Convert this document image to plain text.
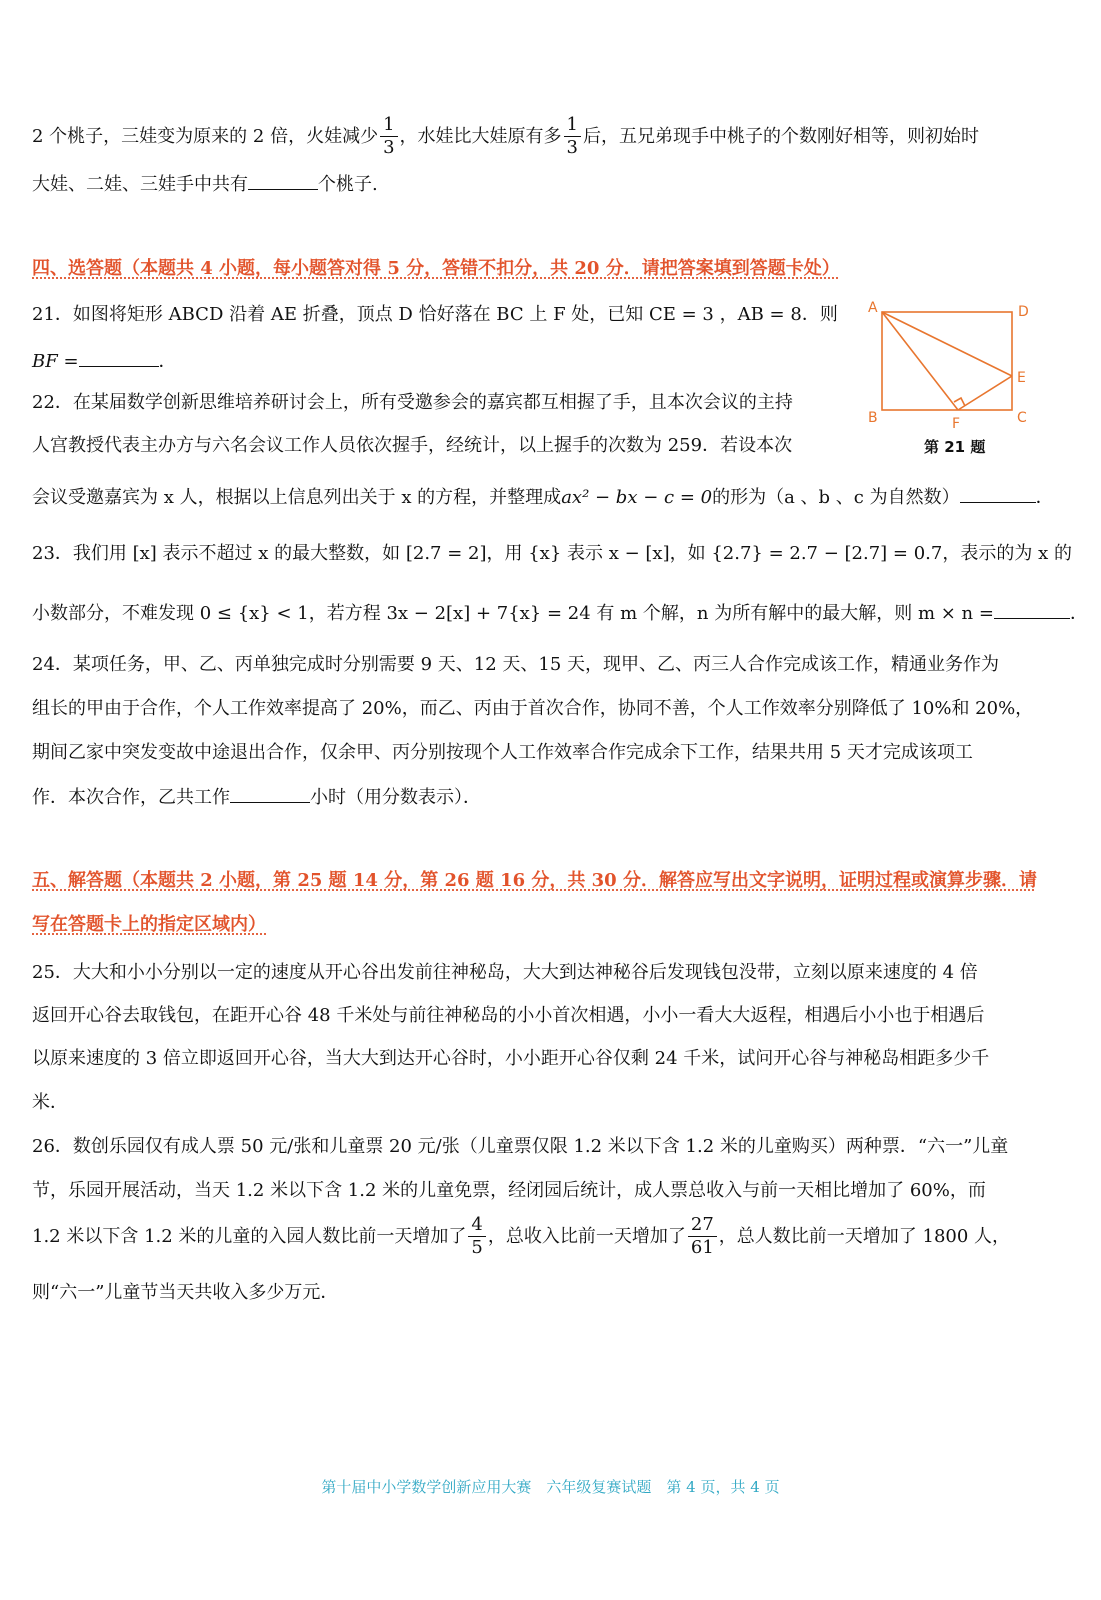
2 个桃子，三娃变为原来的 2 倍，火娃减少 $\frac{1}{3}$ ，水娃比大娃原有多 $\frac{1}{3}$ 后，五兄弟现手中桃子的个数刚好相等，则初始时
大娃、二娃、三娃手中共有	个桃子.
四、选答题（本题共 4 小题，每小题答对得 5 分，答错不扣分，共 20 分．请把答案填到答题卡处）
21．如图将矩形 ABCD 沿着 AE 折叠，顶点 D 恰好落在 BC 上 F 处，已知 CE = 3 ，AB = 8．则
BF =	．
A	D
E
B	F	C
第 21 题
22．在某届数学创新思维培养研讨会上，所有受邀参会的嘉宾都互相握了手，且本次会议的主持
人宫教授代表主办方与六名会议工作人员依次握手，经统计，以上握手的次数为 259．若设本次
会议受邀嘉宾为 x 人，根据以上信息列出关于 x 的方程，并整理成ax² − bx − c = 0的形为（a 、b 、c 为自然数）	．
23．我们用 [x] 表示不超过 x 的最大整数，如 [2.7 = 2]，用 {x} 表示 x − [x]，如 {2.7} = 2.7 − [2.7] = 0.7，表示的为 x 的
小数部分，不难发现 0 ≤ {x} < 1，若方程 3x − 2[x] + 7{x} = 24 有 m 个解，n 为所有解中的最大解，则 m × n =	．
24．某项任务，甲、乙、丙单独完成时分别需要 9 天、12 天、15 天，现甲、乙、丙三人合作完成该工作，精通业务作为
组长的甲由于合作，个人工作效率提高了 20%，而乙、丙由于首次合作，协同不善，个人工作效率分别降低了 10%和 20%，
期间乙家中突发变故中途退出合作，仅余甲、丙分别按现个人工作效率合作完成余下工作，结果共用 5 天才完成该项工
作．本次合作，乙共工作	小时（用分数表示）．
五、解答题（本题共 2 小题，第 25 题 14 分，第 26 题 16 分，共 30 分．解答应写出文字说明，证明过程或演算步骤．请
写在答题卡上的指定区域内）
25．大大和小小分别以一定的速度从开心谷出发前往神秘岛，大大到达神秘谷后发现钱包没带，立刻以原来速度的 4 倍
返回开心谷去取钱包，在距开心谷 48 千米处与前往神秘岛的小小首次相遇，小小一看大大返程，相遇后小小也于相遇后
以原来速度的 3 倍立即返回开心谷，当大大到达开心谷时，小小距开心谷仅剩 24 千米，试问开心谷与神秘岛相距多少千
米．
26．数创乐园仅有成人票 50 元/张和儿童票 20 元/张（儿童票仅限 1.2 米以下含 1.2 米的儿童购买）两种票．“六一”儿童
节，乐园开展活动，当天 1.2 米以下含 1.2 米的儿童免票，经闭园后统计，成人票总收入与前一天相比增加了 60%，而
1.2 米以下含 1.2 米的儿童的入园人数比前一天增加了 $\frac{4}{5}$ ，总收入比前一天增加了 $\frac{27}{61}$ ，总人数比前一天增加了 1800 人，
则“六一”儿童节当天共收入多少万元．
第十届中小学数学创新应用大赛　六年级复赛试题　第 4 页，共 4 页
